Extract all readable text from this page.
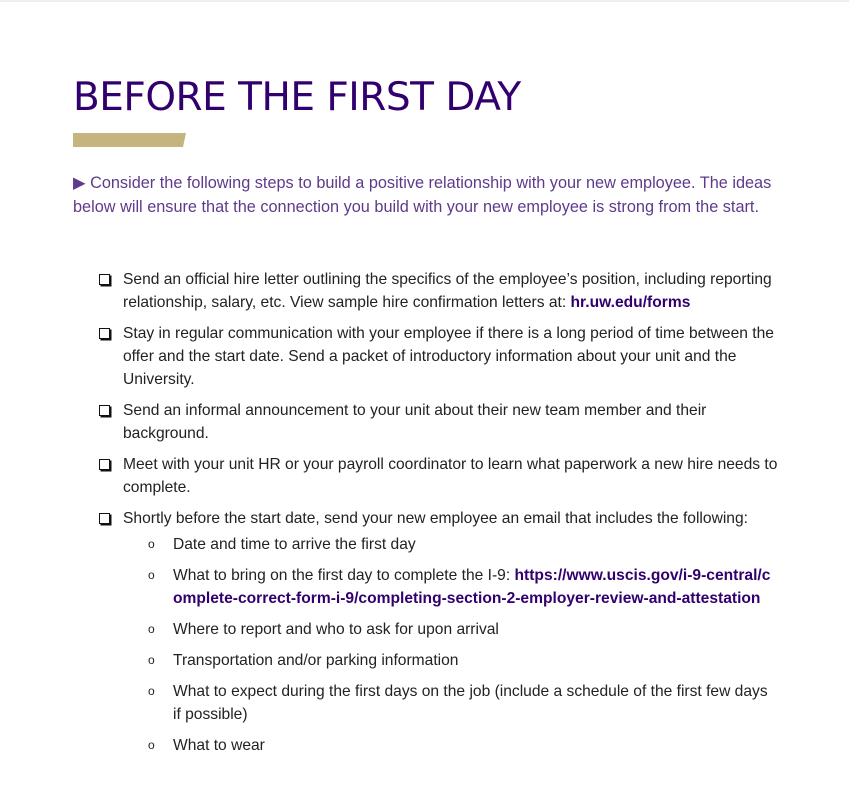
BEFORE THE FIRST DAY

▶ Consider the following steps to build a positive relationship with your new employee. The ideas below will ensure that the connection you build with your new employee is strong from the start.

Send an official hire letter outlining the specifics of the employee’s position, including reporting relationship, salary, etc. View sample hire confirmation letters at: hr.uw.edu/forms
Stay in regular communication with your employee if there is a long period of time between the offer and the start date. Send a packet of introductory information about your unit and the University.
Send an informal announcement to your unit about their new team member and their background.
Meet with your unit HR or your payroll coordinator to learn what paperwork a new hire needs to complete.
Shortly before the start date, send your new employee an email that includes the following:
o Date and time to arrive the first day
o What to bring on the first day to complete the I-9: https://www.uscis.gov/i-9-central/complete-correct-form-i-9/completing-section-2-employer-review-and-attestation
o Where to report and who to ask for upon arrival
o Transportation and/or parking information
o What to expect during the first days on the job (include a schedule of the first few days if possible)
o What to wear
